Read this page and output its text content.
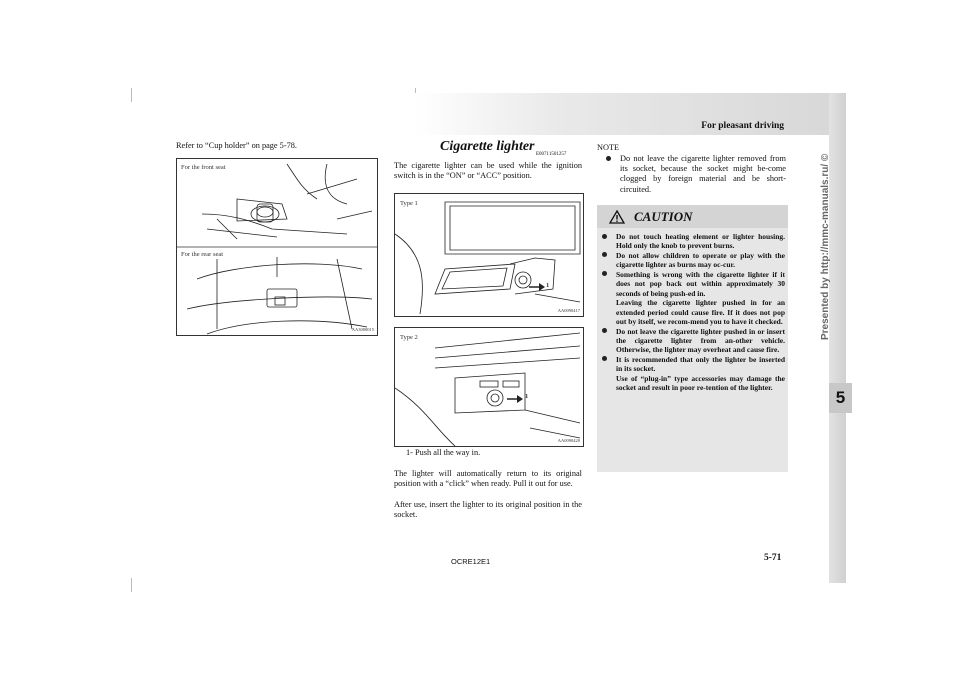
For pleasant driving
5
Presented by http://mmc-manuals.ru/ ©
Refer to “Cup holder” on page 5-78.
For the front seat
For the rear seat
AA3000015
Cigarette lighter
E00711501257
The cigarette lighter can be used while the ignition switch is in the “ON” or “ACC” position.
Type 1
1
AA0090417
Type 2
1
AA0090420
1- Push all the way in.
The lighter will automatically return to its original position with a “click” when ready. Pull it out for use.
After use, insert the lighter to its original position in the socket.
NOTE
Do not leave the cigarette lighter removed from its socket, because the socket might be-come clogged by foreign material and be short-circuited.
CAUTION
Do not touch heating element or lighter housing. Hold only the knob to prevent burns.
Do not allow children to operate or play with the cigarette lighter as burns may oc-cur.
Something is wrong with the cigarette lighter if it does not pop back out within approximately 30 seconds of being push-ed in.
Leaving the cigarette lighter pushed in for an extended period could cause fire. If it does not pop out by itself, we recom-mend you to have it checked.
Do not leave the cigarette lighter pushed in or insert the cigarette lighter from an-other vehicle. Otherwise, the lighter may overheat and cause fire.
It is recommended that only the lighter be inserted in its socket.
Use of “plug-in” type accessories may damage the socket and result in poor re-tention of the lighter.
OCRE12E1	5-71
